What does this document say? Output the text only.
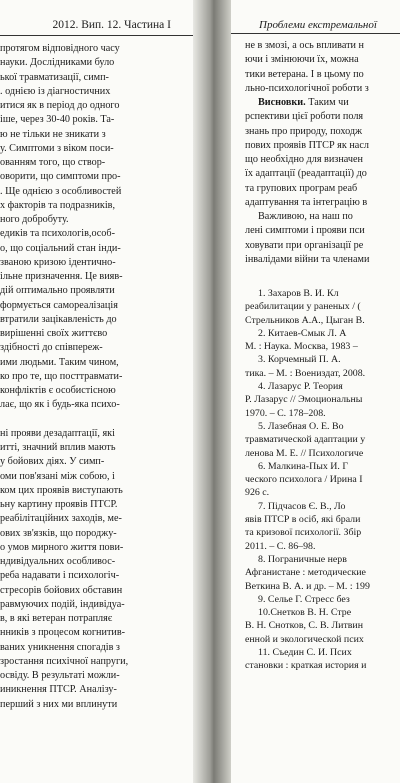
2012. Вип. 12. Частина I
протягом відповідного часу
науки. Дослідниками було
ької травматизації, симп-
. однією із діагностичних
итися як в період до одного
іше, через 30-40 років. Та-
ю не тільки не зникати з
у. Симптоми з віком поси-
ованням того, що створ-
оворити, що симптоми про-
. Ще однією з особливостей
х факторів та подразників,
ного добробуту.
едиків та психологів,особ-
о, що соціальний стан інди-
званою кризою ідентично-
ільне призначення. Це вияв-
дій оптимально проявляти
формується самореалізація
втратили зацікавленість до
вирішенні своїх життєво
здібності до співпереж-
ими людьми. Таким чином,
ко про те, що посттравмати-
конфліктів є особистісною
лає, що як і будь-яка психо-

ні прояви дезадаптації, які
итті, значний вплив мають
у бойових діях. У симп-
оми пов'язані між собою, і
ком цих проявів виступають
ьну картину проявів ПТСР.
реабілітаційних заходів, ме-
ових зв'язків, що породжу-
о умов мирного життя пови-
ндивідуальних особливос-
ребa надавати і психологіч-
стресорів бойових обставин
равмуючих подій, індивідуа-
в, в які ветеран потрапляє
нників з процесом когнитив-
ваних уникнення спогадів з
зростання психічної напруги,
освіду. В результаті можли-
иникнення ПТСР. Аналізу-
перший з них ми вплинути
Проблеми екстремальної
не в змозі, а ось впливати н
ючи і змінюючи їх, можна
тики ветерана. І в цьому по
льно-психологічної роботи з
Висновки. Таким чи
рспективи цієї роботи поля
знань про природу, походж
пових проявів ПТСР як насл
що необхідно для визначен
їх адаптації (реадаптації) до
та групових програм реаб
адаптування та інтеграцію в
Важливою, на наш по
лені симптоми і прояви пси
ховувати при організації ре
інвалідами війни та членами
1. Захаров В. И. Кл
реабилитации у раненых / (
Стрельников А.А., Цыган В.
2. Китаев-Смык Л. А
М. : Наука. Москва, 1983 –
3. Корчемный П. А.
тика. – М. : Воениздат, 2008.
4. Лазарус Р. Теория
Р. Лазарус // Эмоциональны
1970. – С. 178–208.
5. Лазебная О. Е. Во
травматической адаптации у
ленова М. Е. // Психологиче
6. Малкина-Пых И. Г
ческого психолога / Ирина І
926 с.
7. Підчасов Є. В., Ло
явів ПТСР в осіб, які брали
та кризової психології. Збір
2011. – С. 86–98.
8. Пограничные нерв
Афганистане : методические
Веткина В. А. и др. – М. : 199
9. Селье Г. Стресс без
10.Снетков В. Н. Стре
В. Н. Снотков, С. В. Литвин
енной и экологической псих
11. Съедин С. И. Псих
становки : краткая история и
